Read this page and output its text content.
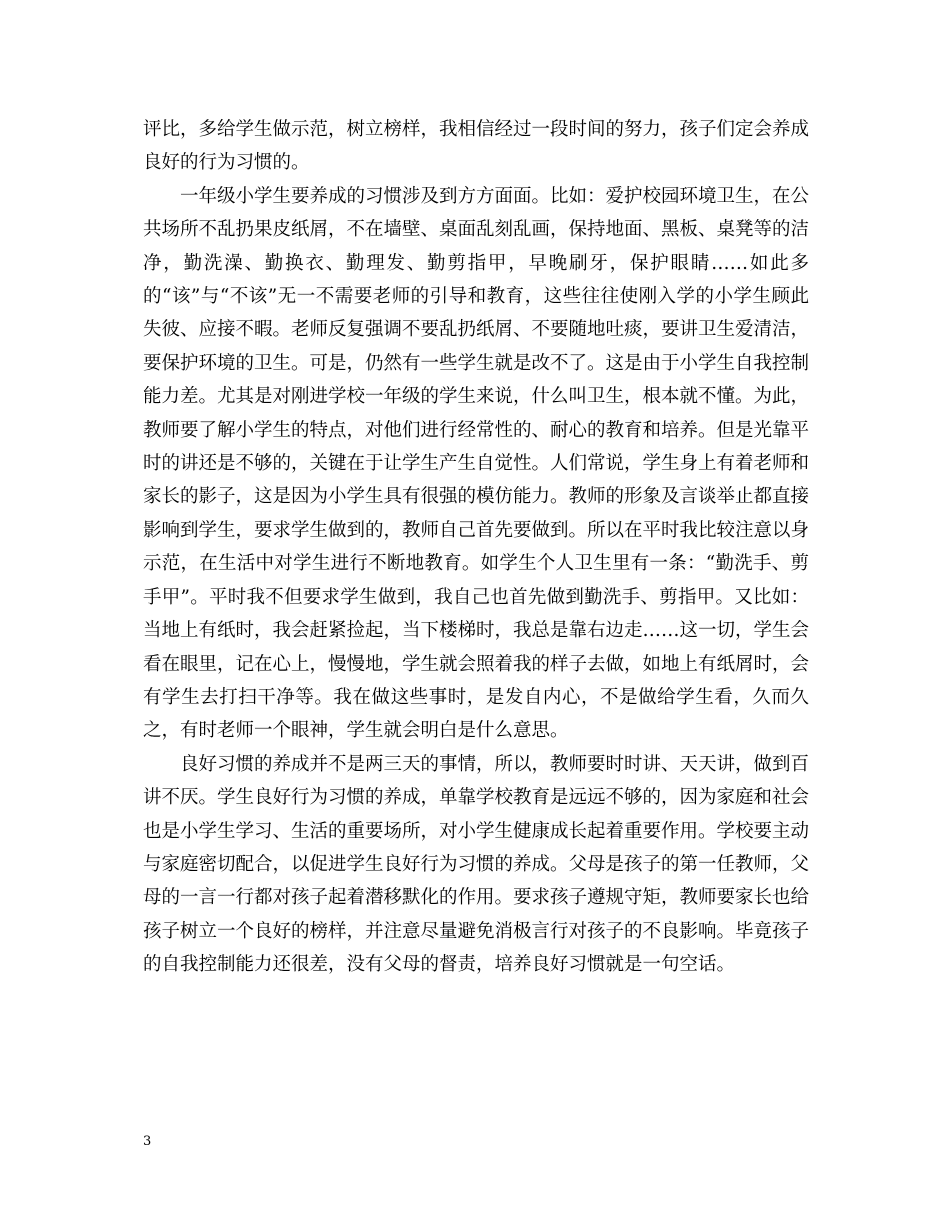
评比，多给学生做示范，树立榜样，我相信经过一段时间的努力，孩子们定会养成良好的行为习惯的。

一年级小学生要养成的习惯涉及到方方面面。比如：爱护校园环境卫生，在公共场所不乱扔果皮纸屑，不在墙壁、桌面乱刻乱画，保持地面、黑板、桌凳等的洁净，勤洗澡、勤换衣、勤理发、勤剪指甲，早晚刷牙，保护眼睛……如此多的“该”与“不该”无一不需要老师的引导和教育，这些往往使刚入学的小学生顾此失彼、应接不暇。老师反复强调不要乱扔纸屑、不要随地吐痰，要讲卫生爱清洁，要保护环境的卫生。可是，仍然有一些学生就是改不了。这是由于小学生自我控制能力差。尤其是对刚进学校一年级的学生来说，什么叫卫生，根本就不懂。为此，教师要了解小学生的特点，对他们进行经常性的、耐心的教育和培养。但是光靠平时的讲还是不够的，关键在于让学生产生自觉性。人们常说，学生身上有着老师和家长的影子，这是因为小学生具有很强的模仿能力。教师的形象及言谈举止都直接影响到学生，要求学生做到的，教师自己首先要做到。所以在平时我比较注意以身示范，在生活中对学生进行不断地教育。如学生个人卫生里有一条：“勤洗手、剪手甲”。平时我不但要求学生做到，我自己也首先做到勤洗手、剪指甲。又比如：当地上有纸时，我会赶紧捡起，当下楼梯时，我总是靠右边走……这一切，学生会看在眼里，记在心上，慢慢地，学生就会照着我的样子去做，如地上有纸屑时，会有学生去打扫干净等。我在做这些事时，是发自内心，不是做给学生看，久而久之，有时老师一个眼神，学生就会明白是什么意思。

良好习惯的养成并不是两三天的事情，所以，教师要时时讲、天天讲，做到百讲不厌。学生良好行为习惯的养成，单靠学校教育是远远不够的，因为家庭和社会也是小学生学习、生活的重要场所，对小学生健康成长起着重要作用。学校要主动与家庭密切配合，以促进学生良好行为习惯的养成。父母是孩子的第一任教师，父母的一言一行都对孩子起着潜移默化的作用。要求孩子遵规守矩，教师要家长也给孩子树立一个良好的榜样，并注意尽量避免消极言行对孩子的不良影响。毕竟孩子的自我控制能力还很差，没有父母的督责，培养良好习惯就是一句空话。

3
